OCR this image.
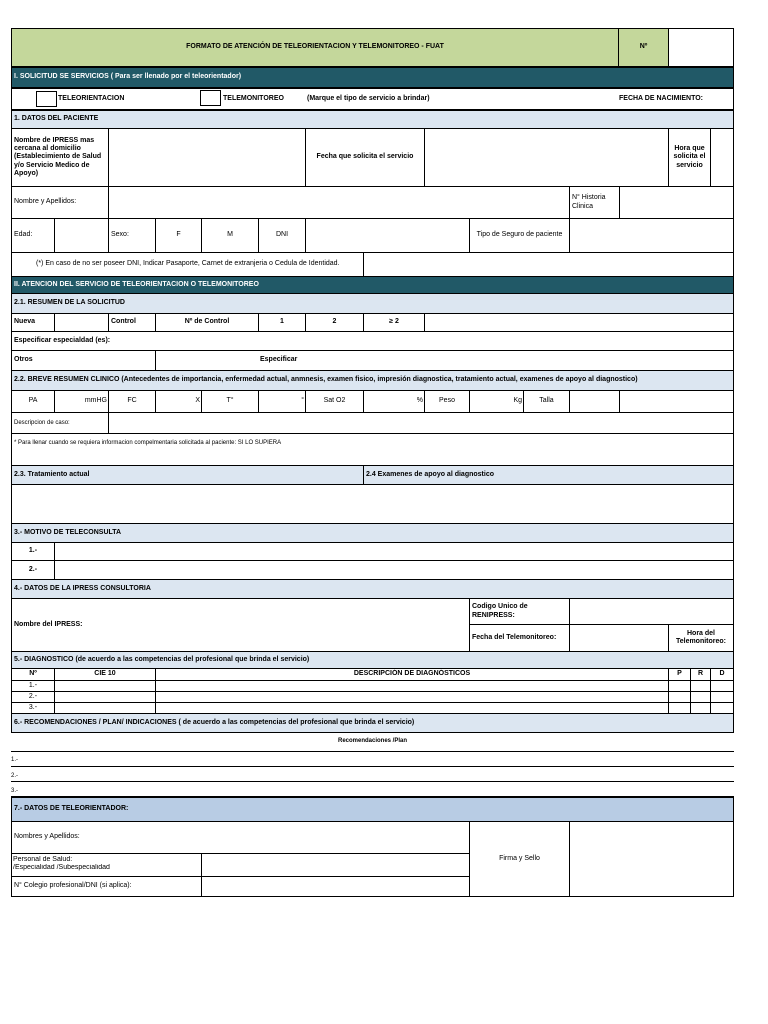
FORMATO DE ATENCIÓN DE TELEORIENTACION Y TELEMONITOREO - FUAT	Nº
I. SOLICITUD SE SERVICIOS ( Para ser llenado por el teleorientador)
TELEORIENTACION	TELEMONITOREO	(Marque el tipo de servicio a brindar)	FECHA DE NACIMIENTO:
1. DATOS DEL PACIENTE
Nombre de IPRESS mas cercana al domicilio (Establecimiento de Salud y/o Servicio Medico de Apoyo)
Fecha que solicita el servicio
Hora que solicita el servicio
Nombre y Apellidos:
N° Historia Clinica
Edad:	Sexo:	F	M	DNI	Tipo de Seguro de paciente
(*) En caso de no ser poseer DNI, Indicar Pasaporte, Carnet de extranjeria o Cedula de Identidad.
II. ATENCION DEL SERVICIO DE TELEORIENTACION O TELEMONITOREO
2.1. RESUMEN DE LA SOLICITUD
Nueva	Control	Nº de Control	1	2	≥ 2
Especificar especialdad (es):
Otros	Especificar
2.2. BREVE RESUMEN CLINICO (Antecedentes de importancia, enfermedad actual, anmnesis, examen fisico, impresión diagnostica, tratamiento actual, examenes de apoyo al diagnostico)
PA	mmHG	FC	X	T°	°	Sat O2	%	Peso	Kg	Talla
Descripcion de caso:
* Para llenar cuando se requiera informacion compelmentaria solicitada al paciente: SI LO SUPIERA
2.3. Tratamiento actual	2.4 Examenes de apoyo al diagnostico
3.- MOTIVO DE TELECONSULTA
1.-
2.-
4.- DATOS DE LA IPRESS CONSULTORIA
Nombre del IPRESS:
Codigo Unico de RENIPRESS:
Fecha del Telemonitoreo:
Hora del Telemonitoreo:
5.- DIAGNOSTICO (de acuerdo a las competencias del profesional que brinda el servicio)
Nº	CIE 10	DESCRIPCIÓN DE DIAGNÓSTICOS	P	R	D
1.-
2.-
3.-
6.- RECOMENDACIONES / PLAN/ INDICACIONES ( de acuerdo a las competencias del profesional que brinda el servicio)
Recomendaciones /Plan
1.-
2.-
3.-
7.- DATOS DE TELEORIENTADOR:
Nombres y Apellidos:
Personal de Salud:
/Especialidad /Subespecialidad
N° Colegio profesional/DNI (si aplica):
Firma y Sello
